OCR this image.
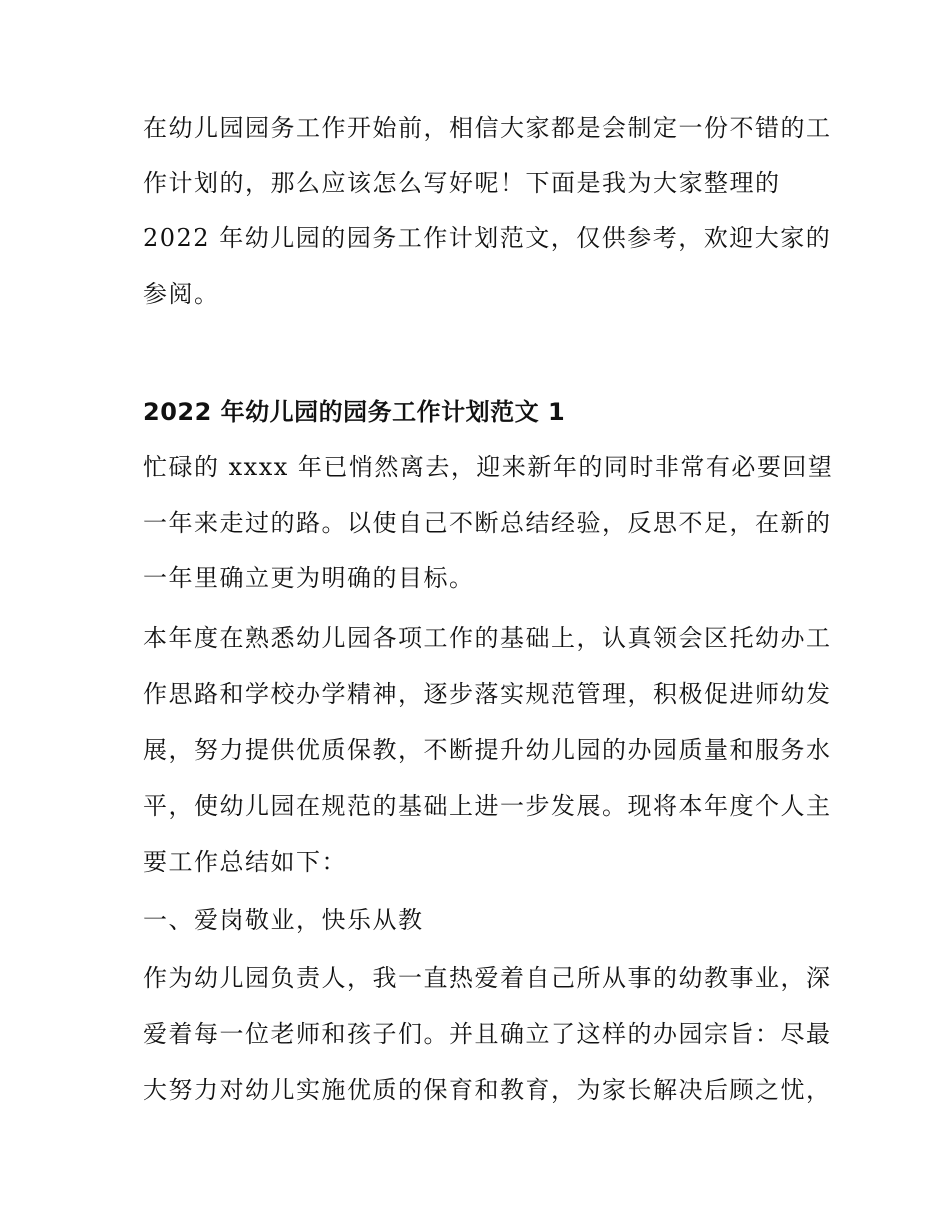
在幼儿园园务工作开始前，相信大家都是会制定一份不错的工
作计划的，那么应该怎么写好呢！下面是我为大家整理的
2022 年幼儿园的园务工作计划范文，仅供参考，欢迎大家的
参阅。
2022 年幼儿园的园务工作计划范文 1
忙碌的 xxxx 年已悄然离去，迎来新年的同时非常有必要回望
一年来走过的路。以使自己不断总结经验，反思不足，在新的
一年里确立更为明确的目标。
本年度在熟悉幼儿园各项工作的基础上，认真领会区托幼办工
作思路和学校办学精神，逐步落实规范管理，积极促进师幼发
展，努力提供优质保教，不断提升幼儿园的办园质量和服务水
平，使幼儿园在规范的基础上进一步发展。现将本年度个人主
要工作总结如下：
一、爱岗敬业，快乐从教
作为幼儿园负责人，我一直热爱着自己所从事的幼教事业，深
爱着每一位老师和孩子们。并且确立了这样的办园宗旨：尽最
大努力对幼儿实施优质的保育和教育，为家长解决后顾之忧，
